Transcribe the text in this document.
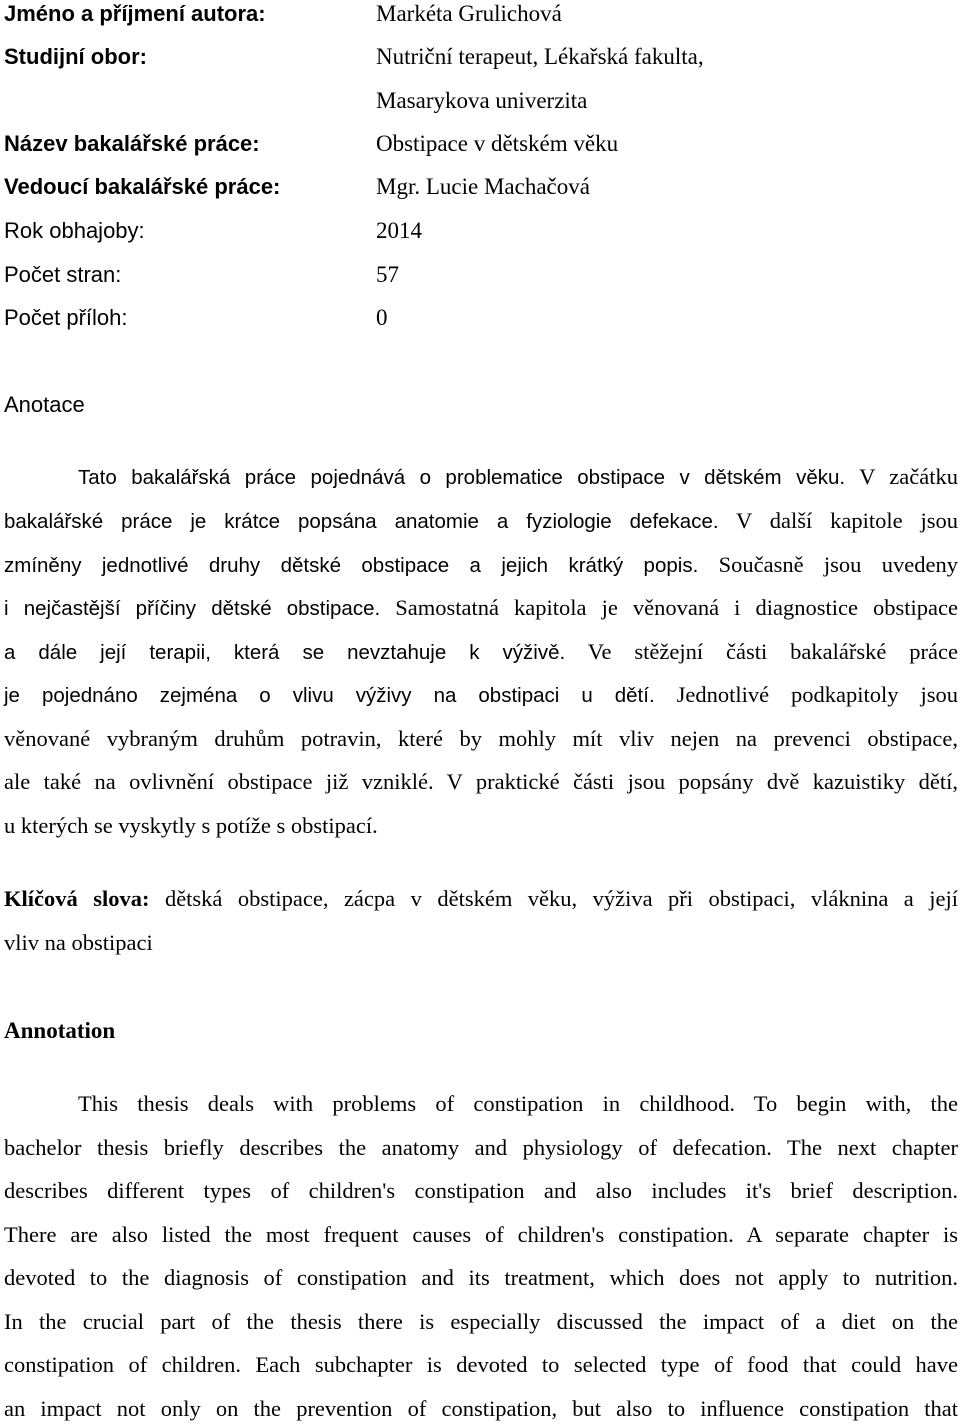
Jméno a příjmení autora:	Markéta Grulichová
Studijní obor:	Nutriční terapeut, Lékařská fakulta,
Masarykova univerzita
Název bakalářské práce:	Obstipace v dětském věku
Vedoucí bakalářské práce:	Mgr. Lucie Machačová
Rok obhajoby:	2014
Počet stran:	57
Počet příloh:	0
Anotace
Tato bakalářská práce pojednává o problematice obstipace v dětském věku. V začátku
bakalářské práce je krátce popsána anatomie a fyziologie defekace. V další kapitole jsou
zmíněny jednotlivé druhy dětské obstipace a jejich krátký popis. Současně jsou uvedeny
i nejčastější příčiny dětské obstipace. Samostatná kapitola je věnovaná i diagnostice obstipace
a dále její terapii, která se nevztahuje k výživě. Ve stěžejní části bakalářské práce
je pojednáno zejména o vlivu výživy na obstipaci u dětí. Jednotlivé podkapitoly jsou
věnované vybraným druhům potravin, které by mohly mít vliv nejen na prevenci obstipace,
ale také na ovlivnění obstipace již vzniklé. V praktické části jsou popsány dvě kazuistiky dětí,
u kterých se vyskytly s potíže s obstipací.
Klíčová slova: dětská obstipace, zácpa v dětském věku, výživa při obstipaci, vláknina a její
vliv na obstipaci
Annotation
This thesis deals with problems of constipation in childhood. To begin with, the
bachelor thesis briefly describes the anatomy and physiology of defecation. The next chapter
describes different types of children's constipation and also includes it's brief description.
There are also listed the most frequent causes of children's constipation. A separate chapter is
devoted to the diagnosis of constipation and its treatment, which does not apply to nutrition.
In the crucial part of the thesis there is especially discussed the impact of a diet on the
constipation of children. Each subchapter is devoted to selected type of food that could have
an impact not only on the prevention of constipation, but also to influence constipation that
